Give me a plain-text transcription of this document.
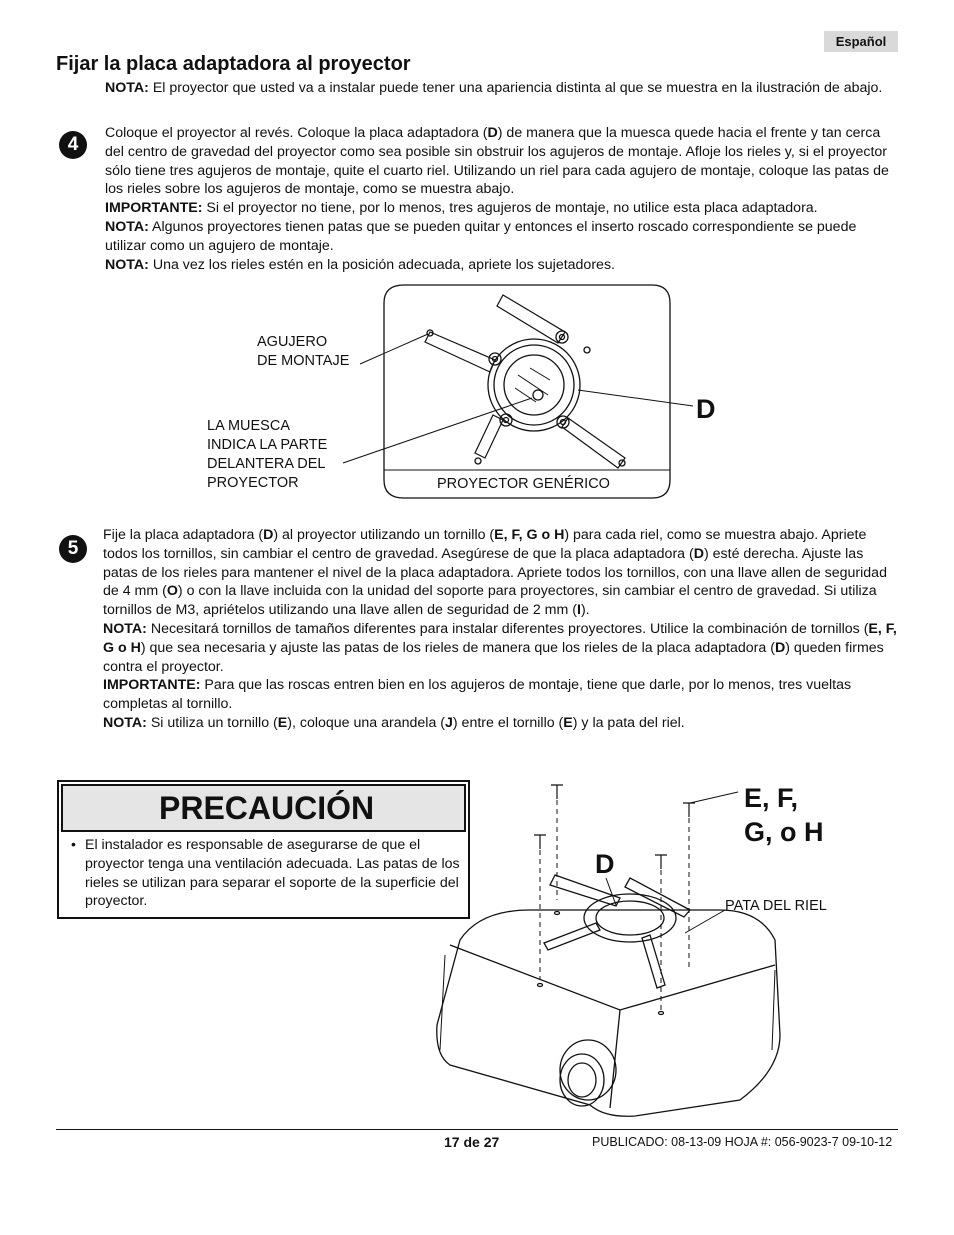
Español
Fijar la placa adaptadora al proyector
NOTA: El proyector que usted va a instalar puede tener una apariencia distinta al que se muestra en la ilustración de abajo.
4
Coloque el proyector al revés. Coloque la placa adaptadora (D) de manera que la muesca quede hacia el frente y tan cerca del centro de gravedad del proyector como sea posible sin obstruir los agujeros de montaje. Afloje los rieles y, si el proyector sólo tiene tres agujeros de montaje, quite el cuarto riel. Utilizando un riel para cada agujero de montaje, coloque las patas de los rieles sobre los agujeros de montaje, como se muestra abajo.
IMPORTANTE: Si el proyector no tiene, por lo menos, tres agujeros de montaje, no utilice esta placa adaptadora.
NOTA: Algunos proyectores tienen patas que se pueden quitar y entonces el inserto roscado correspondiente se puede utilizar como un agujero de montaje.
NOTA: Una vez los rieles estén en la posición adecuada, apriete los sujetadores.
AGUJERO
DE MONTAJE
LA MUESCA
INDICA LA PARTE
DELANTERA DEL
PROYECTOR	PROYECTOR GENÉRICO
D
5
Fije la placa adaptadora (D) al proyector utilizando un tornillo (E, F, G o H) para cada riel, como se muestra abajo. Apriete todos los tornillos, sin cambiar el centro de gravedad. Asegúrese de que la placa adaptadora (D) esté derecha. Ajuste las patas de los rieles para mantener el nivel de la placa adaptadora. Apriete todos los tornillos, con una llave allen de seguridad de 4 mm (O) o con la llave incluida con la unidad del soporte para proyectores, sin cambiar el centro de gravedad. Si utiliza tornillos de M3, apriételos utilizando una llave allen de seguridad de 2 mm (I).
NOTA: Necesitará tornillos de tamaños diferentes para instalar diferentes proyectores. Utilice la combinación de tornillos (E, F, G o H) que sea necesaria y ajuste las patas de los rieles de manera que los rieles de la placa adaptadora (D) queden firmes contra el proyector.
IMPORTANTE: Para que las roscas entren bien en los agujeros de montaje, tiene que darle, por lo menos, tres vueltas completas al tornillo.
NOTA: Si utiliza un tornillo (E), coloque una arandela (J) entre el tornillo (E) y la pata del riel.
PRECAUCIÓN
• El instalador es responsable de asegurarse de que el proyector tenga una ventilación adecuada. Las patas de los rieles se utilizan para separar el soporte de la superficie del proyector.
E, F,
G, o H
D
PATA DEL RIEL
17 de 27	PUBLICADO: 08-13-09 HOJA #: 056-9023-7 09-10-12
